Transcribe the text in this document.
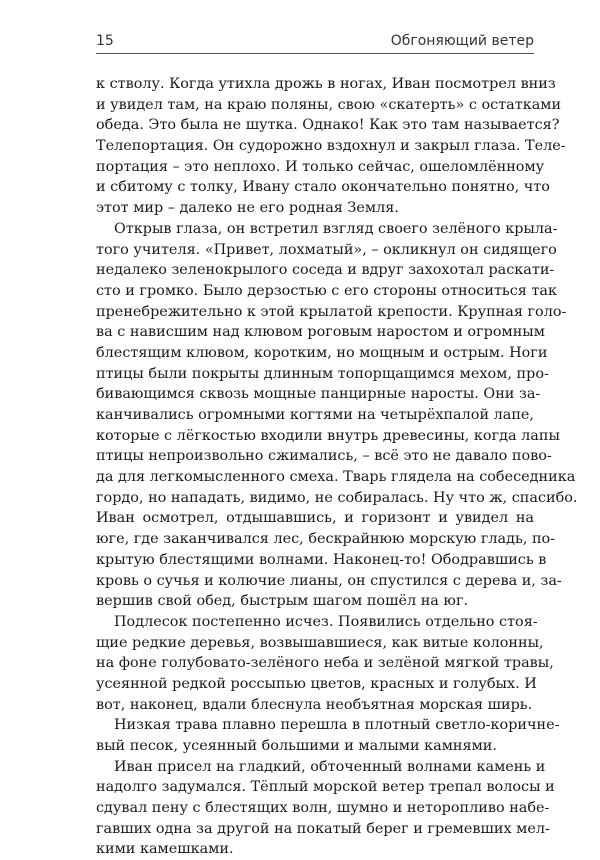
15	Обгоняющий ветер
к стволу. Когда утихла дрожь в ногах, Иван посмотрел вниз
и увидел там, на краю поляны, свою «скатерть» с остатками
обеда. Это была не шутка. Однако! Как это там называется?
Телепортация. Он судорожно вздохнул и закрыл глаза. Теле-
портация – это неплохо. И только сейчас, ошеломлённому
и сбитому с толку, Ивану стало окончательно понятно, что
этот мир – далеко не его родная Земля.
Открыв глаза, он встретил взгляд своего зелёного крыла-
того учителя. «Привет, лохматый», – окликнул он сидящего
недалеко зеленокрылого соседа и вдруг захохотал раскати-
сто и громко. Было дерзостью с его стороны относиться так
пренебрежительно к этой крылатой крепости. Крупная голо-
ва с нависшим над клювом роговым наростом и огромным
блестящим клювом, коротким, но мощным и острым. Ноги
птицы были покрыты длинным топорщащимся мехом, про-
бивающимся сквозь мощные панцирные наросты. Они за-
канчивались огромными когтями на четырёхпалой лапе,
которые с лёгкостью входили внутрь древесины, когда лапы
птицы непроизвольно сжимались, – всё это не давало пово-
да для легкомысленного смеха. Тварь глядела на собеседника
гордо, но нападать, видимо, не собиралась. Ну что ж, спасибо.
Иван осмотрел, отдышавшись, и горизонт и увидел на
юге, где заканчивался лес, бескрайнюю морскую гладь, по-
крытую блестящими волнами. Наконец-то! Ободравшись в
кровь о сучья и колючие лианы, он спустился с дерева и, за-
вершив свой обед, быстрым шагом пошёл на юг.
Подлесок постепенно исчез. Появились отдельно стоя-
щие редкие деревья, возвышавшиеся, как витые колонны,
на фоне голубовато-зелёного неба и зелёной мягкой травы,
усеянной редкой россыпью цветов, красных и голубых. И
вот, наконец, вдали блеснула необъятная морская ширь.
Низкая трава плавно перешла в плотный светло-коричне-
вый песок, усеянный большими и малыми камнями.
Иван присел на гладкий, обточенный волнами камень и
надолго задумался. Тёплый морской ветер трепал волосы и
сдувал пену с блестящих волн, шумно и неторопливо набе-
гавших одна за другой на покатый берег и гремевших мел-
кими камешками.
